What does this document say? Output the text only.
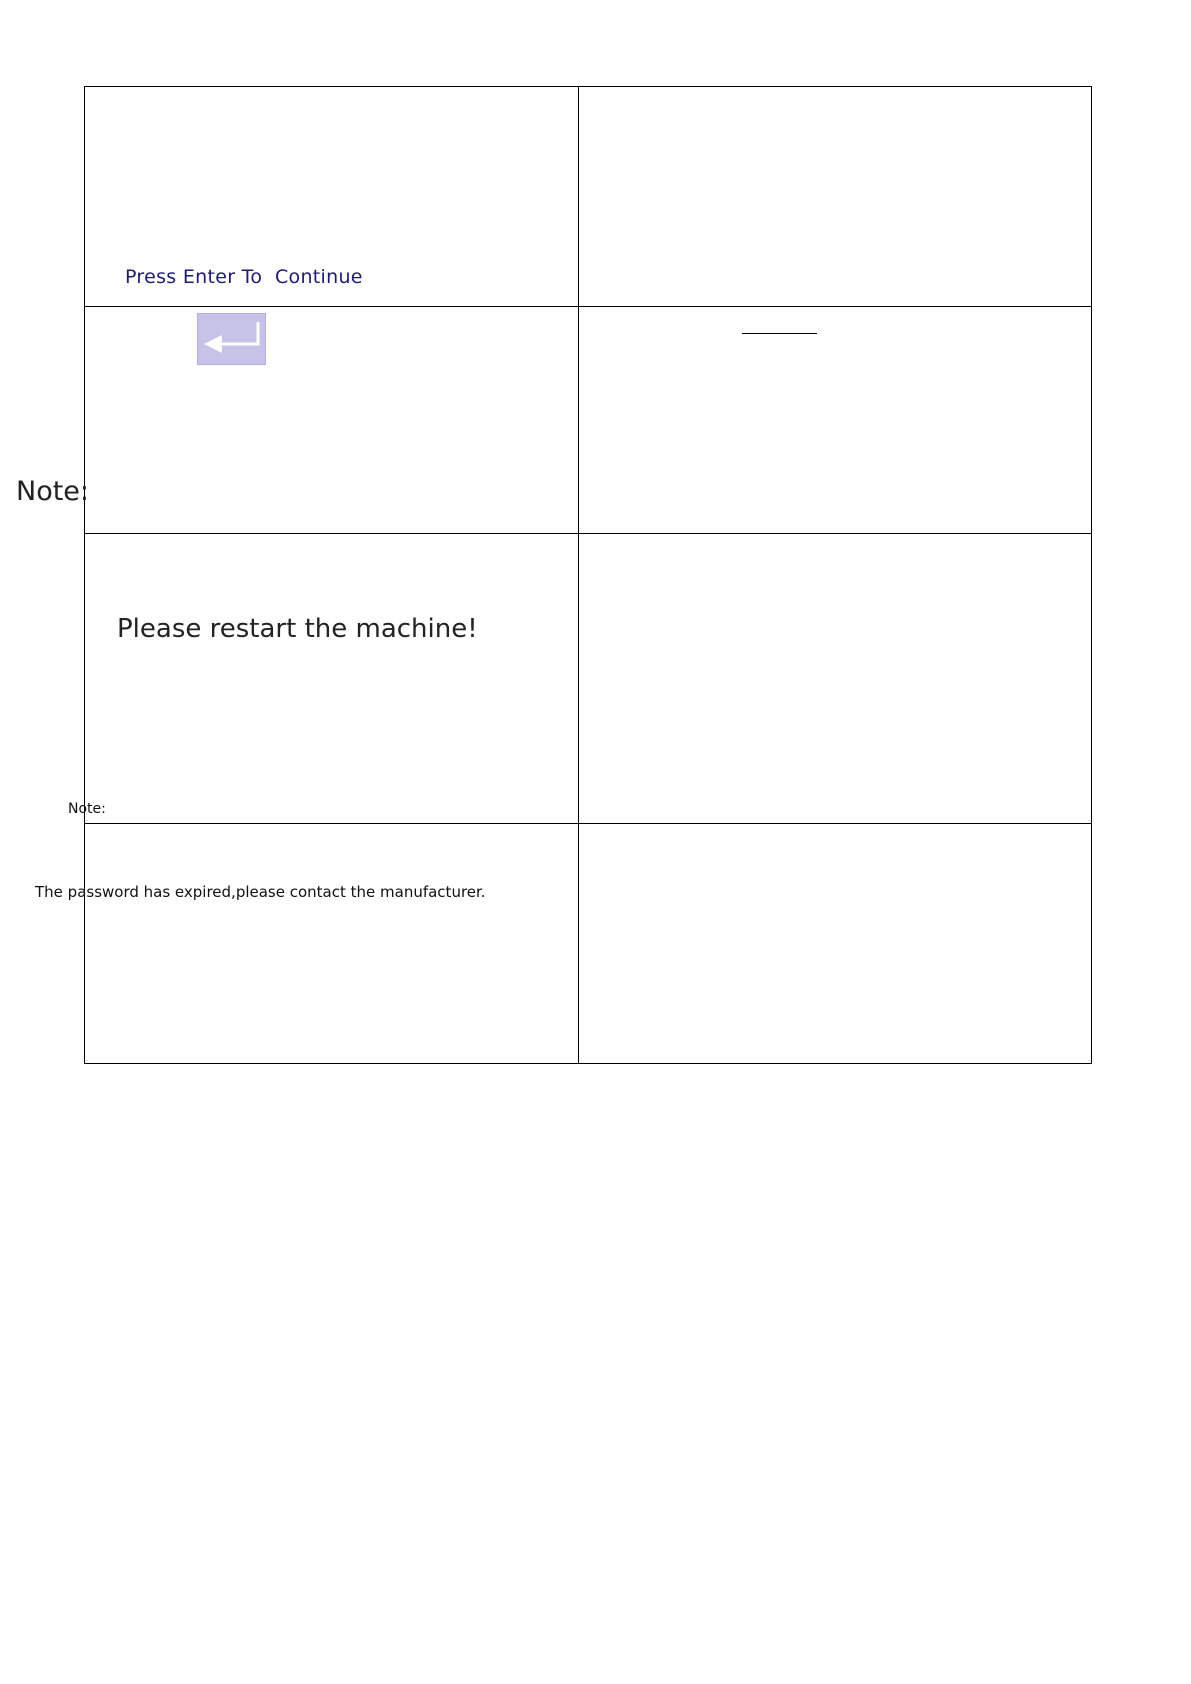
Press Enter To  Continue
Note:
Please restart the machine!
Note:
The password has expired,please contact the manufacturer.
